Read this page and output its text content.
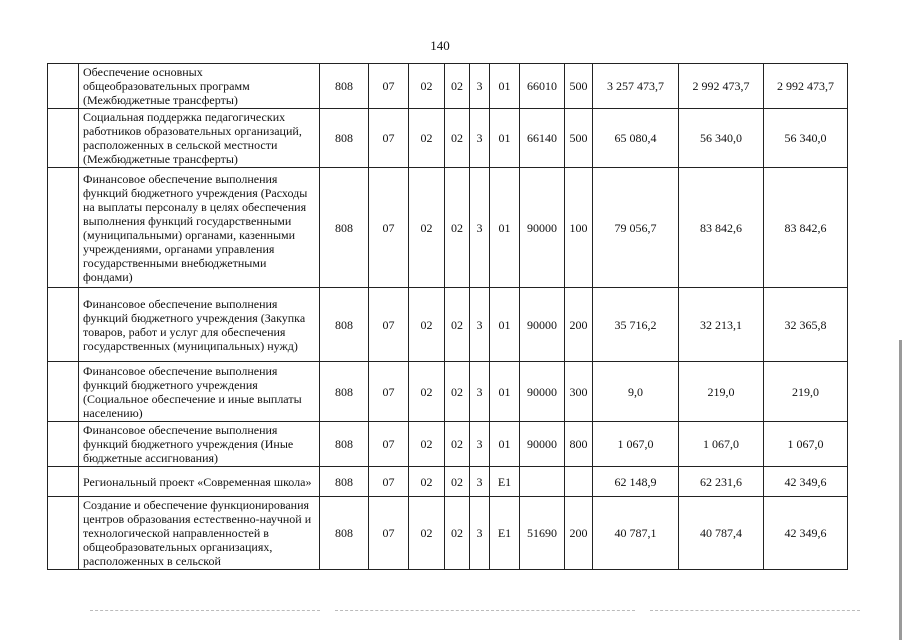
140
	Обеспечение основных общеобразовательных программ (Межбюджетные трансферты)	808	07	02	02	3	01	66010	500	3 257 473,7	2 992 473,7	2 992 473,7
	Социальная поддержка педагогических работников образовательных организаций, расположенных в сельской местности (Межбюджетные трансферты)	808	07	02	02	3	01	66140	500	65 080,4	56 340,0	56 340,0
	Финансовое обеспечение выполнения функций бюджетного учреждения (Расходы на выплаты персоналу в целях обеспечения выполнения функций государственными (муниципальными) органами, казенными учреждениями, органами управления государственными внебюджетными фондами)	808	07	02	02	3	01	90000	100	79 056,7	83 842,6	83 842,6
	Финансовое обеспечение выполнения функций бюджетного учреждения (Закупка товаров, работ и услуг для обеспечения государственных (муниципальных) нужд)	808	07	02	02	3	01	90000	200	35 716,2	32 213,1	32 365,8
	Финансовое обеспечение выполнения функций бюджетного учреждения (Социальное обеспечение и иные выплаты населению)	808	07	02	02	3	01	90000	300	9,0	219,0	219,0
	Финансовое обеспечение выполнения функций бюджетного учреждения (Иные бюджетные ассигнования)	808	07	02	02	3	01	90000	800	1 067,0	1 067,0	1 067,0
	Региональный проект «Современная школа»	808	07	02	02	3	E1			62 148,9	62 231,6	42 349,6
	Создание и обеспечение функционирования центров образования естественно-научной и технологической направленностей в общеобразовательных организациях, расположенных в сельской	808	07	02	02	3	E1	51690	200	40 787,1	40 787,4	42 349,6
